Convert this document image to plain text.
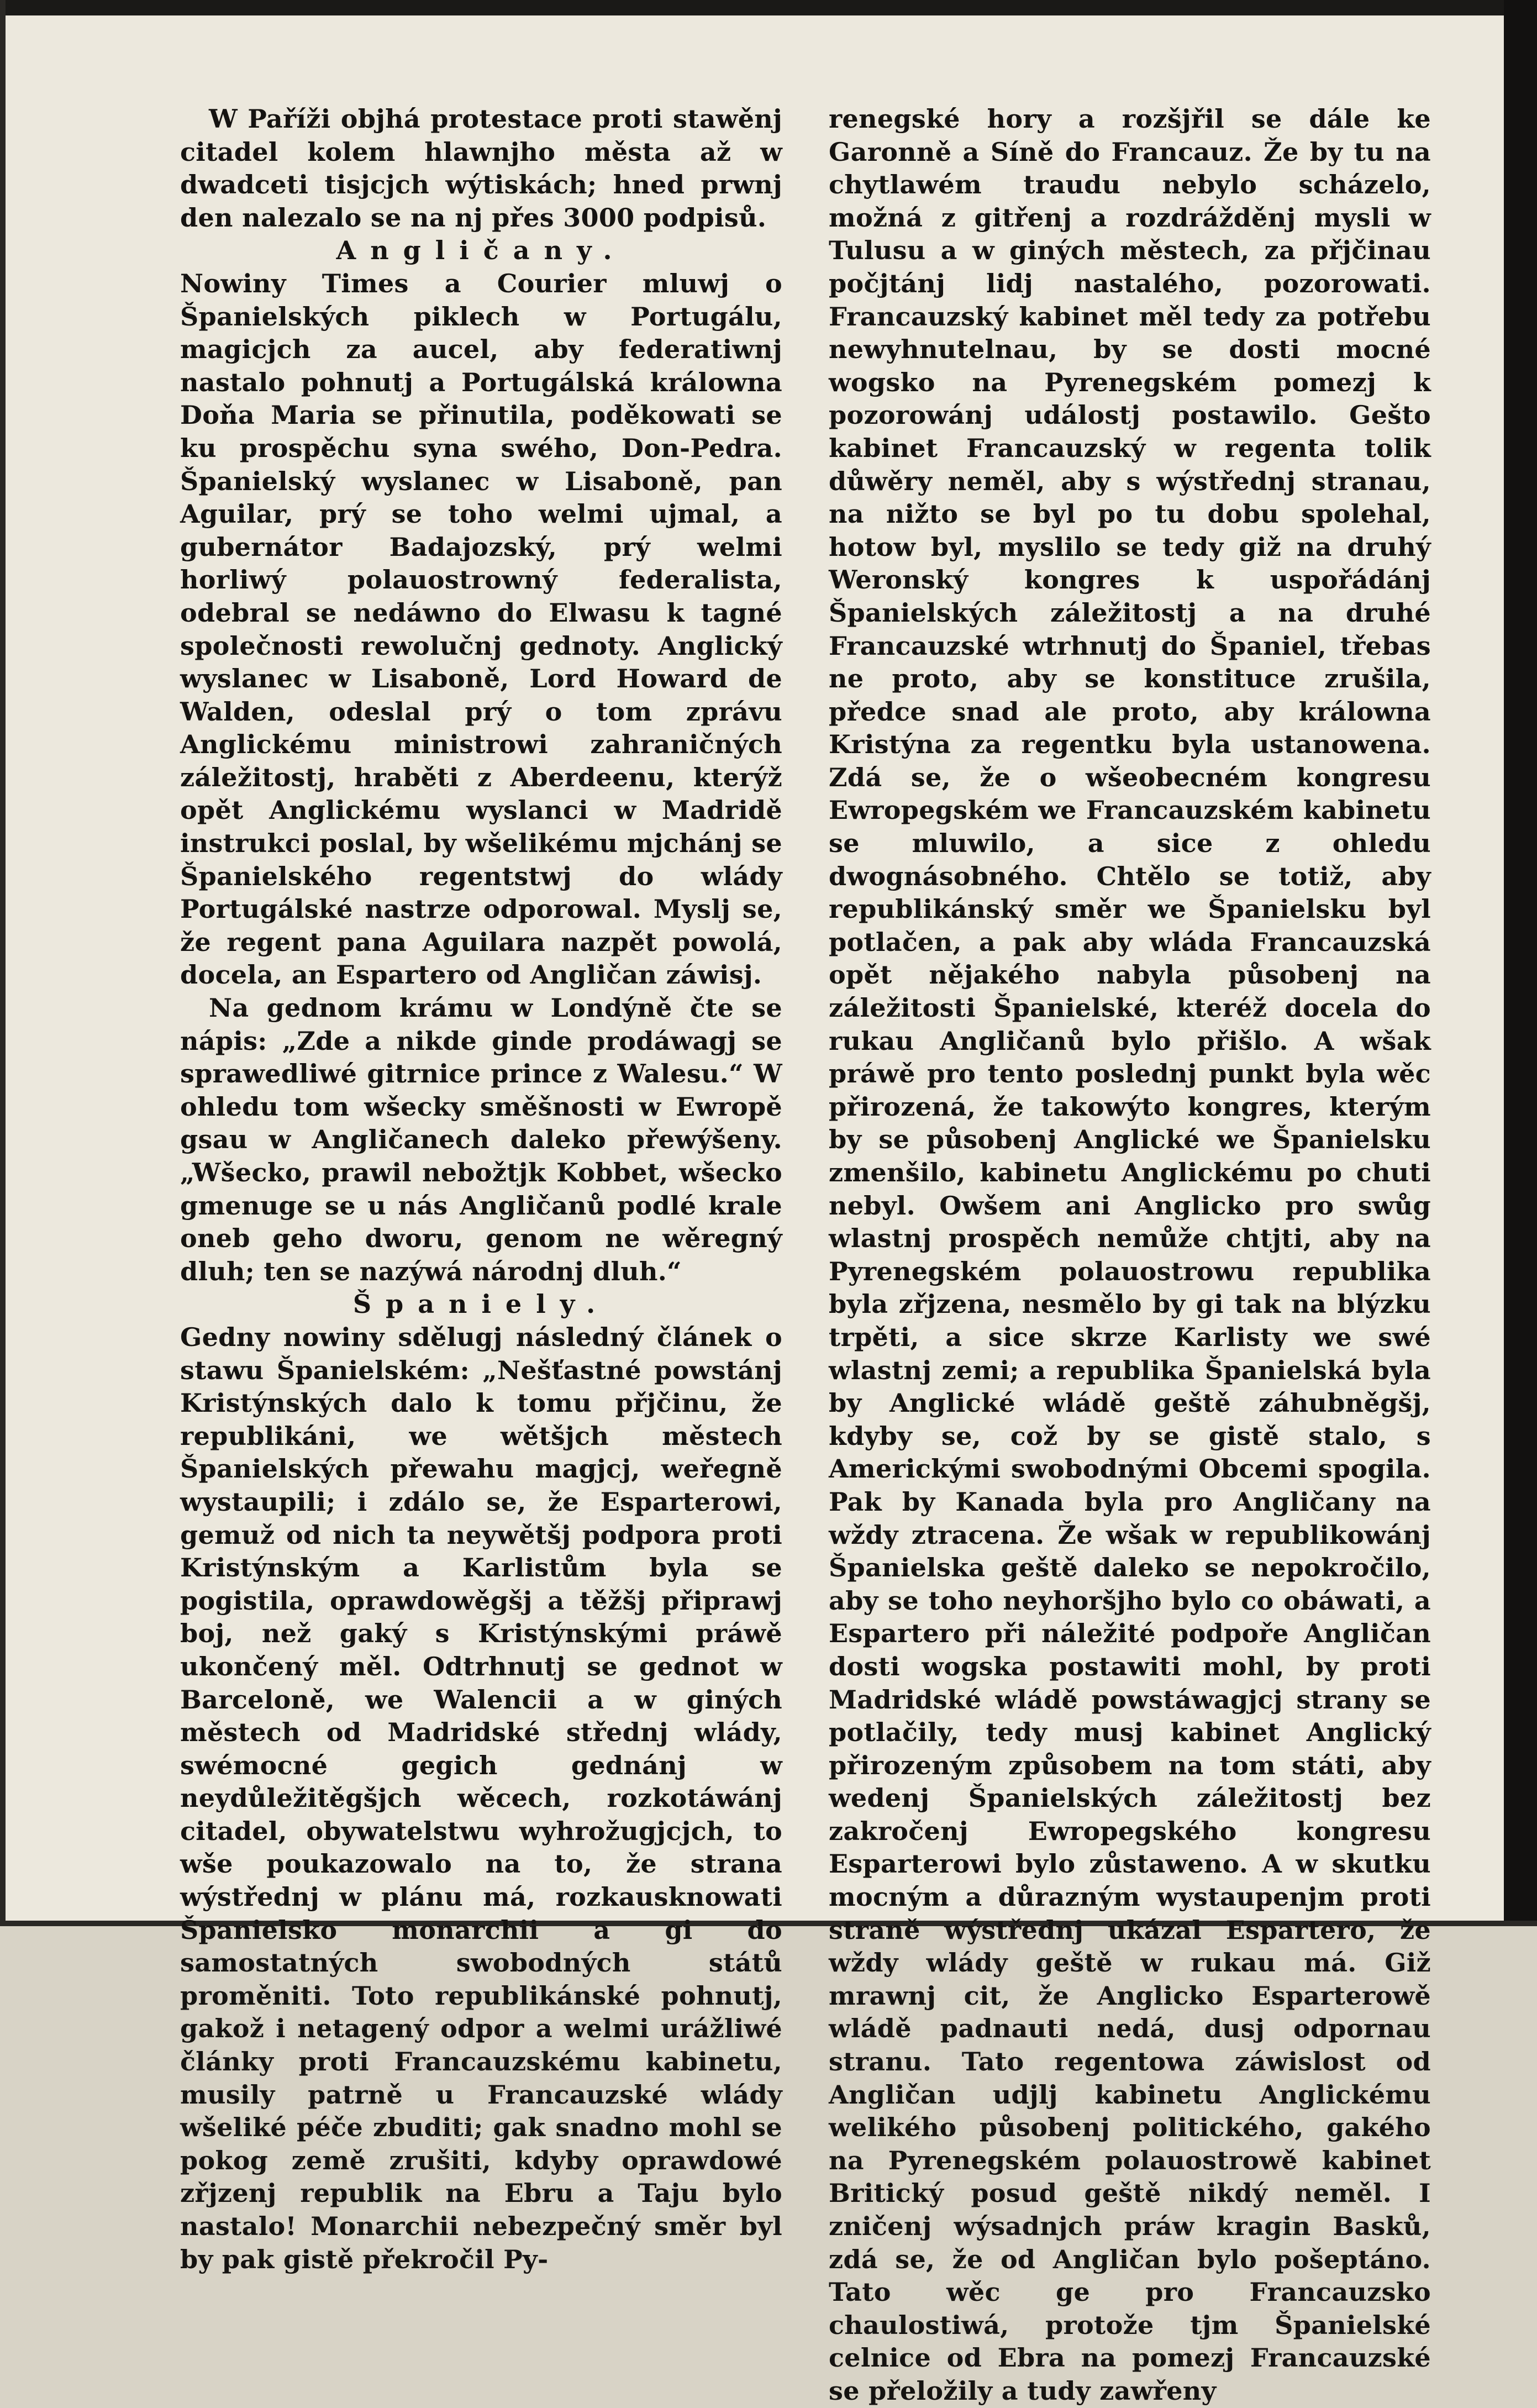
W Paříži objhá protestace proti stawěnj citadel kolem hlawnjho města až w dwadceti tisjcjch wýtiskách; hned prwnj den nalezalo se na nj přes 3000 podpisů.

Angličany.

Nowiny Times a Courier mluwj o Španielských piklech w Portugálu, magicjch za aucel, aby federatiwnj nastalo pohnutj a Portugálská králowna Doňa Maria se přinutila, poděkowati se ku prospěchu syna swého, Don-Pedra. Španielský wyslanec w Lisaboně, pan Aguilar, prý se toho welmi ujmal, a gubernátor Badajozský, prý welmi horliwý polauostrowný federalista, odebral se nedáwno do Elwasu k tagné společnosti rewolučnj gednoty. Anglický wyslanec w Lisaboně, Lord Howard de Walden, odeslal prý o tom zprávu Anglickému ministrowi zahraničných záležitostj, hraběti z Aberdeenu, kterýž opět Anglickému wyslanci w Madridě instrukci poslal, by wšelikému mjchánj se Španielského regentstwj do wlády Portugálské nastrze odporowal. Myslj se, že regent pana Aguilara nazpět powolá, docela, an Espartero od Angličan záwisj.

Na gednom krámu w Londýně čte se nápis: „Zde a nikde ginde prodáwagj se sprawedliwé gitrnice prince z Walesu.“ W ohledu tom wšecky směšnosti w Ewropě gsau w Angličanech daleko přewýšeny. „Wšecko, prawil nebožtjk Kobbet, wšecko gmenuge se u nás Angličanů podlé krale oneb geho dworu, genom ne wěregný dluh; ten se nazýwá národnj dluh.“

Španiely.

Gedny nowiny sdělugj následný článek o stawu Španielském: „Nešťastné powstánj Kristýnských dalo k tomu přjčinu, že republikáni, we wětšjch městech Španielských přewahu magjcj, weřegně wystaupili; i zdálo se, že Esparterowi, gemuž od nich ta neywětšj podpora proti Kristýnským a Karlistům byla se pogistila, oprawdowěgšj a těžšj připrawj boj, než gaký s Kristýnskými práwě ukončený měl. Odtrhnutj se gednot w Barceloně, we Walencii a w giných městech od Madridské střednj wlády, swémocné gegich gednánj w neydůležitěgšjch wěcech, rozkotáwánj citadel, obywatelstwu wyhrožugjcjch, to wše poukazowalo na to, že strana wýstřednj w plánu má, rozkausknowati Španielsko monarchii a gi do samostatných swobodných států proměniti. Toto republikánské pohnutj, gakož i netagený odpor a welmi urážliwé články proti Francauzskému kabinetu, musily patrně u Francauzské wlády wšeliké péče zbuditi; gak snadno mohl se pokog země zrušiti, kdyby oprawdowé zřjzenj republik na Ebru a Taju bylo nastalo! Monarchii nebezpečný směr byl by pak gistě překročil Py-

renegské hory a rozšjřil se dále ke Garonně a Síně do Francauz. Že by tu na chytlawém traudu nebylo scházelo, možná z gitřenj a rozdrážděnj mysli w Tulusu a w giných městech, za přjčinau počjtánj lidj nastalého, pozorowati. Francauzský kabinet měl tedy za potřebu newyhnutelnau, by se dosti mocné wogsko na Pyrenegském pomezj k pozorowánj událostj postawilo. Gešto kabinet Francauzský w regenta tolik důwěry neměl, aby s wýstřednj stranau, na nižto se byl po tu dobu spolehal, hotow byl, myslilo se tedy giž na druhý Weronský kongres k uspořádánj Španielských záležitostj a na druhé Francauzské wtrhnutj do Španiel, třebas ne proto, aby se konstituce zrušila, předce snad ale proto, aby králowna Kristýna za regentku byla ustanowena. Zdá se, že o wšeobecném kongresu Ewropegském we Francauzském kabinetu se mluwilo, a sice z ohledu dwognásobného. Chtělo se totiž, aby republikánský směr we Španielsku byl potlačen, a pak aby wláda Francauzská opět nějakého nabyla působenj na záležitosti Španielské, kteréž docela do rukau Angličanů bylo přišlo. A wšak práwě pro tento poslednj punkt byla wěc přirozená, že takowýto kongres, kterým by se působenj Anglické we Španielsku zmenšilo, kabinetu Anglickému po chuti nebyl. Owšem ani Anglicko pro swůg wlastnj prospěch nemůže chtjti, aby na Pyrenegském polauostrowu republika byla zřjzena, nesmělo by gi tak na blýzku trpěti, a sice skrze Karlisty we swé wlastnj zemi; a republika Španielská byla by Anglické wládě geště záhubněgšj, kdyby se, což by se gistě stalo, s Americkými swobodnými Obcemi spogila. Pak by Kanada byla pro Angličany na wždy ztracena. Že wšak w republikowánj Španielska geště daleko se nepokročilo, aby se toho neyhoršjho bylo co obáwati, a Espartero při náležité podpoře Angličan dosti wogska postawiti mohl, by proti Madridské wládě powstáwagjcj strany se potlačily, tedy musj kabinet Anglický přirozeným způsobem na tom státi, aby wedenj Španielských záležitostj bez zakročenj Ewropegského kongresu Esparterowi bylo zůstaweno. A w skutku mocným a důrazným wystaupenjm proti straně wýstřednj ukázal Espartero, že wždy wlády geště w rukau má. Giž mrawnj cit, že Anglicko Esparterowě wládě padnauti nedá, dusj odpornau stranu. Tato regentowa záwislost od Angličan udjlj kabinetu Anglickému welikého působenj politického, gakého na Pyrenegském polauostrowě kabinet Britický posud geště nikdý neměl. I zničenj wýsadnjch práw kragin Basků, zdá se, že od Angličan bylo pošeptáno. Tato wěc ge pro Francauzsko chaulostiwá, protože tjm Španielské celnice od Ebra na pomezj Francauzské se přeložily a tudy zawřeny
